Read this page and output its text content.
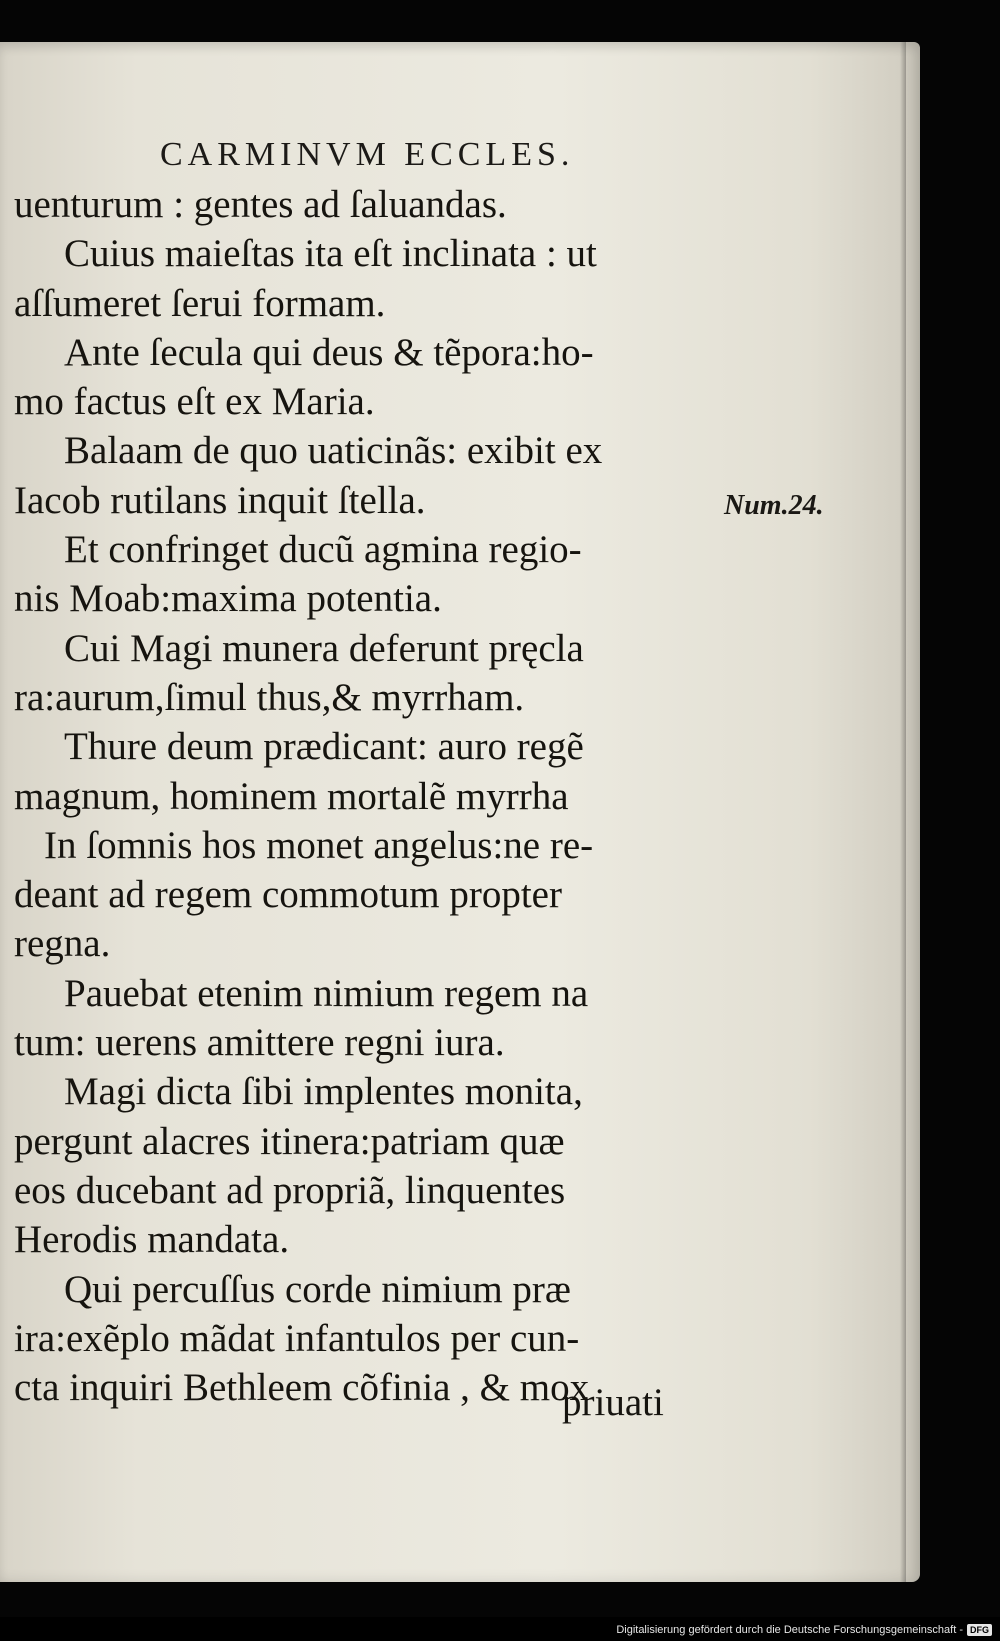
CARMINVM ECCLES.
uenturum : gentes ad ſaluandas.
Cuius maieſtas ita eſt inclinata : ut
aſſumeret ſerui formam.
Ante ſecula qui deus & tẽpora:ho-
mo factus eſt ex Maria.
Balaam de quo uaticinãs: exibit ex
Iacob rutilans inquit ſtella.
Et confringet ducũ agmina regio-
nis Moab:maxima potentia.
Cui Magi munera deferunt pręcla
ra:aurum,ſimul thus,& myrrham.
Thure deum prædicant: auro regẽ
magnum, hominem mortalẽ myrrha
In ſomnis hos monet angelus:ne re-
deant ad regem commotum propter
regna.
Pauebat etenim nimium regem na
tum: uerens amittere regni iura.
Magi dicta ſibi implentes monita,
pergunt alacres itinera:patriam quæ
eos ducebant ad propriã, linquentes
Herodis mandata.
Qui percuſſus corde nimium præ
ira:exẽplo mãdat infantulos per cun-
cta inquiri Bethleem cõfinia , & mox
priuati
Num.24.
Digitalisierung gefördert durch die Deutsche Forschungsgemeinschaft - DFG
